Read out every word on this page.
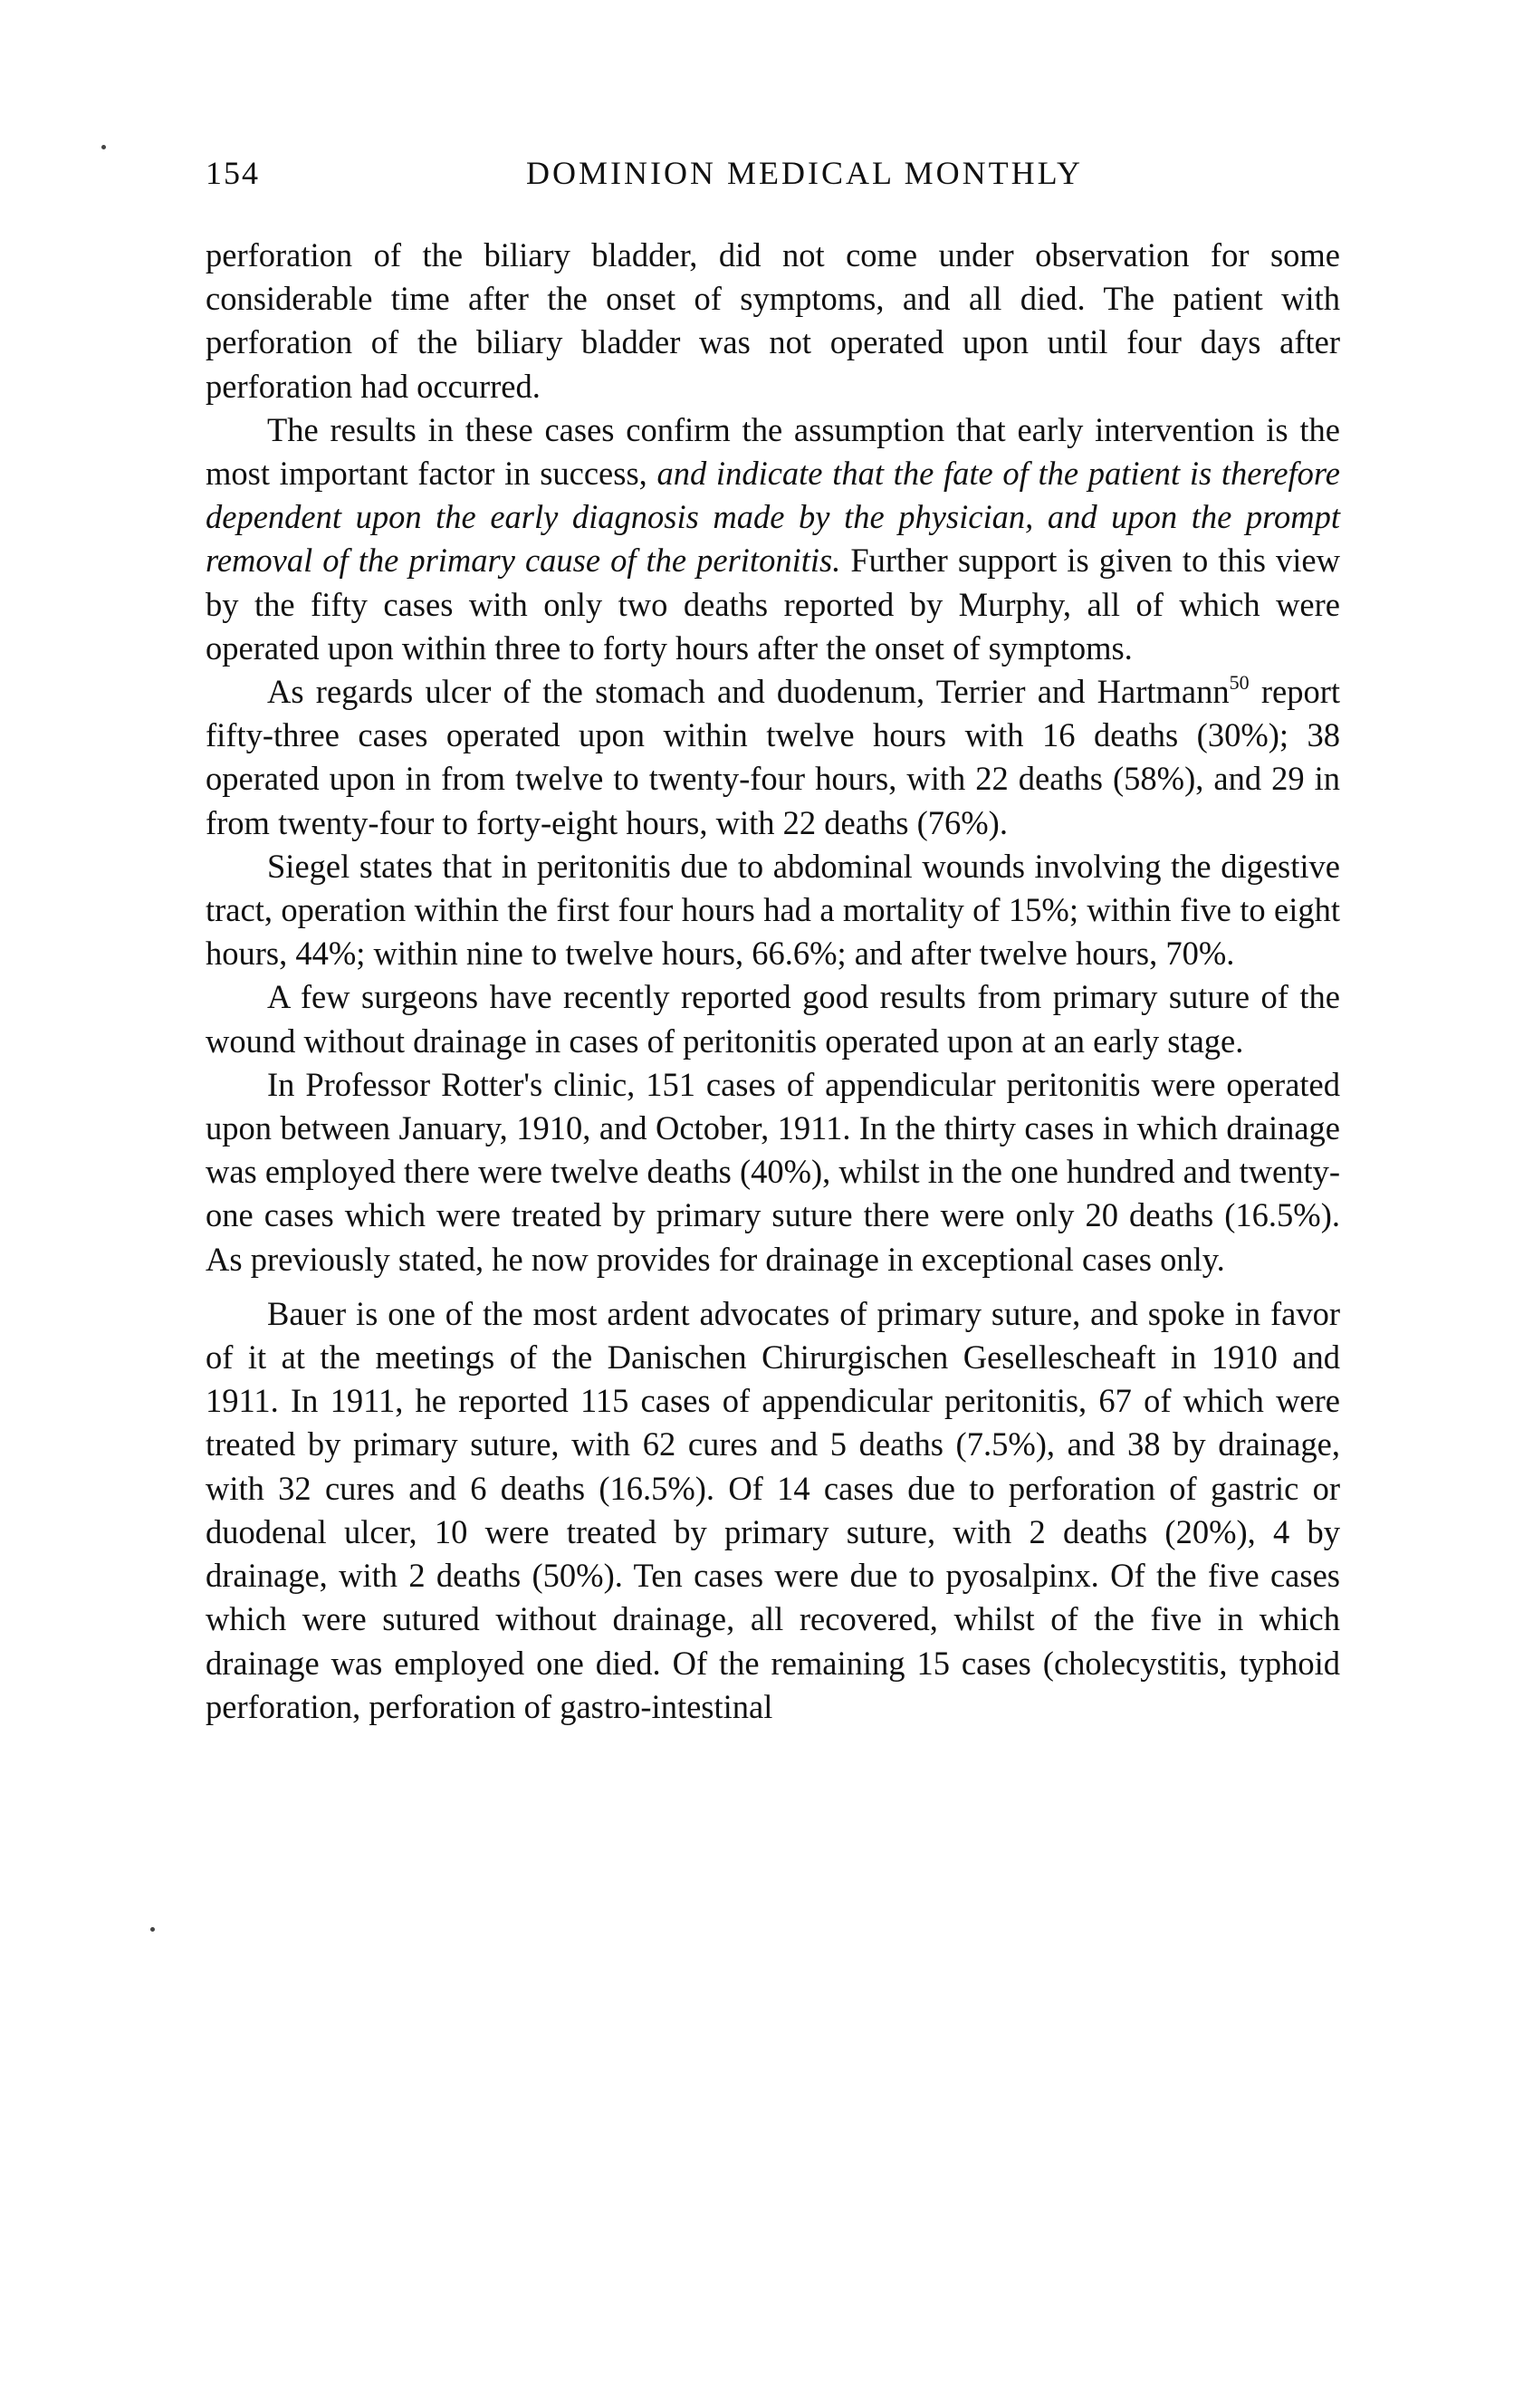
154	DOMINION MEDICAL MONTHLY

perforation of the biliary bladder, did not come under observation for some considerable time after the onset of symptoms, and all died. The patient with perforation of the biliary bladder was not operated upon until four days after perforation had occurred.

The results in these cases confirm the assumption that early intervention is the most important factor in success, and indicate that the fate of the patient is therefore dependent upon the early diagnosis made by the physician, and upon the prompt removal of the primary cause of the peritonitis. Further support is given to this view by the fifty cases with only two deaths reported by Murphy, all of which were operated upon within three to forty hours after the onset of symptoms.

As regards ulcer of the stomach and duodenum, Terrier and Hartmann$^{50}$ report fifty-three cases operated upon within twelve hours with 16 deaths (30%); 38 operated upon in from twelve to twenty-four hours, with 22 deaths (58%), and 29 in from twenty-four to forty-eight hours, with 22 deaths (76%).

Siegel states that in peritonitis due to abdominal wounds involving the digestive tract, operation within the first four hours had a mortality of 15%; within five to eight hours, 44%; within nine to twelve hours, 66.6%; and after twelve hours, 70%.

A few surgeons have recently reported good results from primary suture of the wound without drainage in cases of peritonitis operated upon at an early stage.

In Professor Rotter's clinic, 151 cases of appendicular peritonitis were operated upon between January, 1910, and October, 1911. In the thirty cases in which drainage was employed there were twelve deaths (40%), whilst in the one hundred and twenty-one cases which were treated by primary suture there were only 20 deaths (16.5%). As previously stated, he now provides for drainage in exceptional cases only.

Bauer is one of the most ardent advocates of primary suture, and spoke in favor of it at the meetings of the Danischen Chirurgischen Gesellescheaft in 1910 and 1911. In 1911, he reported 115 cases of appendicular peritonitis, 67 of which were treated by primary suture, with 62 cures and 5 deaths (7.5%), and 38 by drainage, with 32 cures and 6 deaths (16.5%). Of 14 cases due to perforation of gastric or duodenal ulcer, 10 were treated by primary suture, with 2 deaths (20%), 4 by drainage, with 2 deaths (50%). Ten cases were due to pyosalpinx. Of the five cases which were sutured without drainage, all recovered, whilst of the five in which drainage was employed one died. Of the remaining 15 cases (cholecystitis, typhoid perforation, perforation of gastro-intestinal
